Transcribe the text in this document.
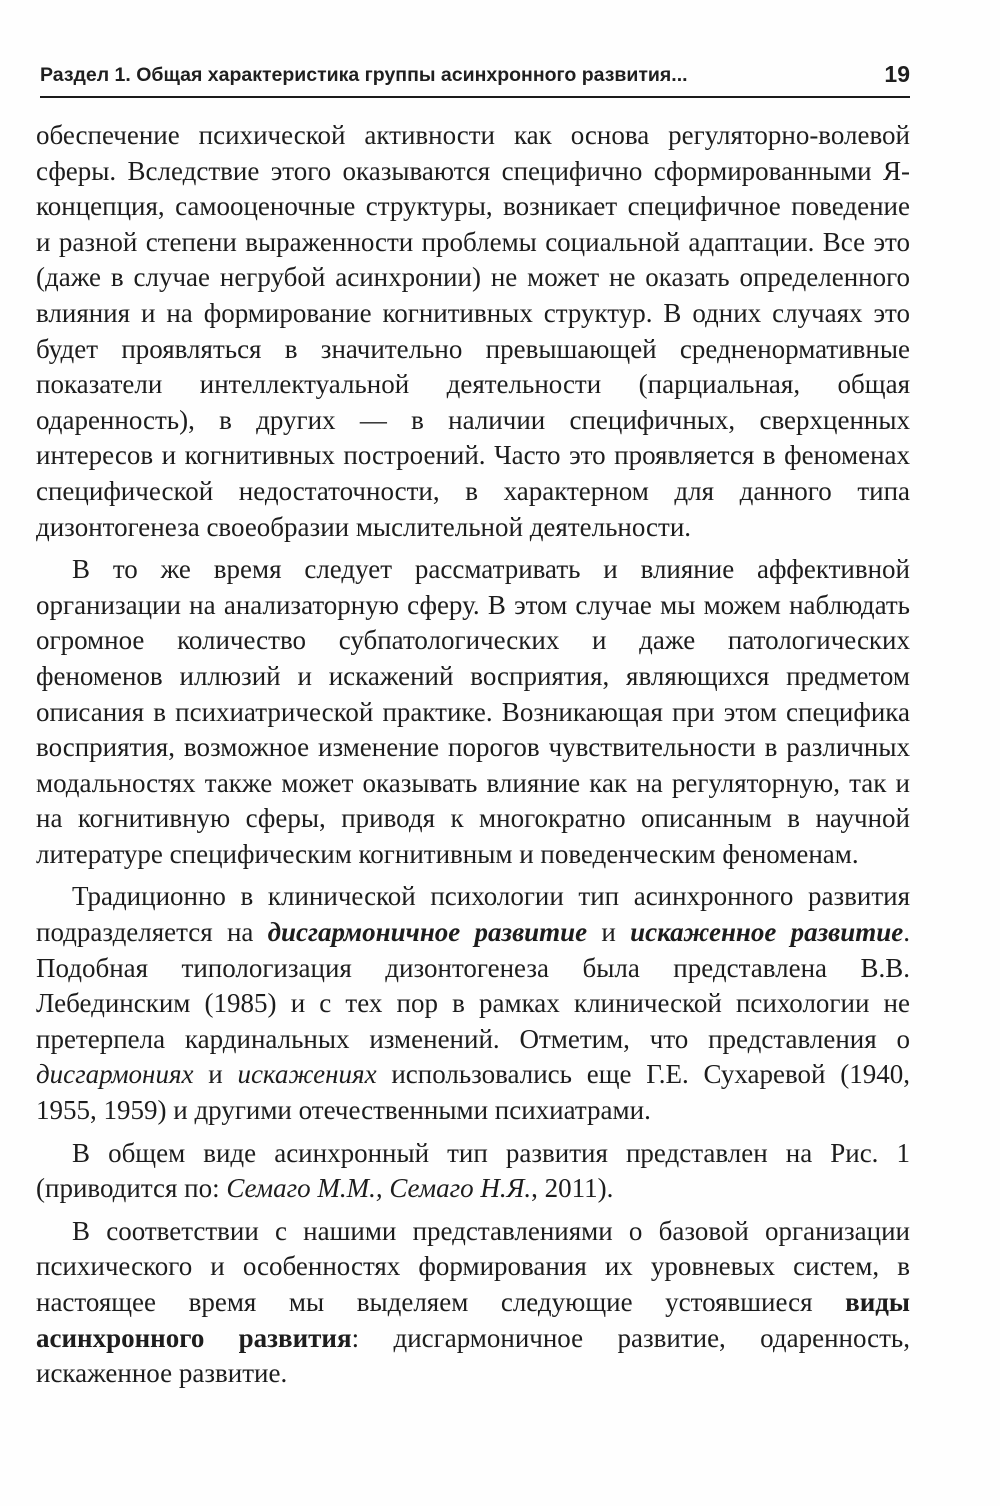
Раздел 1. Общая характеристика группы асинхронного развития...	19

обеспечение психической активности как основа регуляторно-волевой сферы. Вследствие этого оказываются специфично сформированными Я-концепция, самооценочные структуры, возникает специфичное поведение и разной степени выраженности проблемы социальной адаптации. Все это (даже в случае негрубой асинхронии) не может не оказать определенного влияния и на формирование когнитивных структур. В одних случаях это будет проявляться в значительно превышающей средненормативные показатели интеллектуальной деятельности (парциальная, общая одаренность), в других — в наличии специфичных, сверхценных интересов и когнитивных построений. Часто это проявляется в феноменах специфической недостаточности, в характерном для данного типа дизонтогенеза своеобразии мыслительной деятельности.

В то же время следует рассматривать и влияние аффективной организации на анализаторную сферу. В этом случае мы можем наблюдать огромное количество субпатологических и даже патологических феноменов иллюзий и искажений восприятия, являющихся предметом описания в психиатрической практике. Возникающая при этом специфика восприятия, возможное изменение порогов чувствительности в различных модальностях также может оказывать влияние как на регуляторную, так и на когнитивную сферы, приводя к многократно описанным в научной литературе специфическим когнитивным и поведенческим феноменам.

Традиционно в клинической психологии тип асинхронного развития подразделяется на дисгармоничное развитие и искаженное развитие. Подобная типологизация дизонтогенеза была представлена В.В. Лебединским (1985) и с тех пор в рамках клинической психологии не претерпела кардинальных изменений. Отметим, что представления о дисгармониях и искажениях использовались еще Г.Е. Сухаревой (1940, 1955, 1959) и другими отечественными психиатрами.

В общем виде асинхронный тип развития представлен на Рис. 1 (приводится по: Семаго М.М., Семаго Н.Я., 2011).

В соответствии с нашими представлениями о базовой организации психического и особенностях формирования их уровневых систем, в настоящее время мы выделяем следующие устоявшиеся виды асинхронного развития: дисгармоничное развитие, одаренность, искаженное развитие.
